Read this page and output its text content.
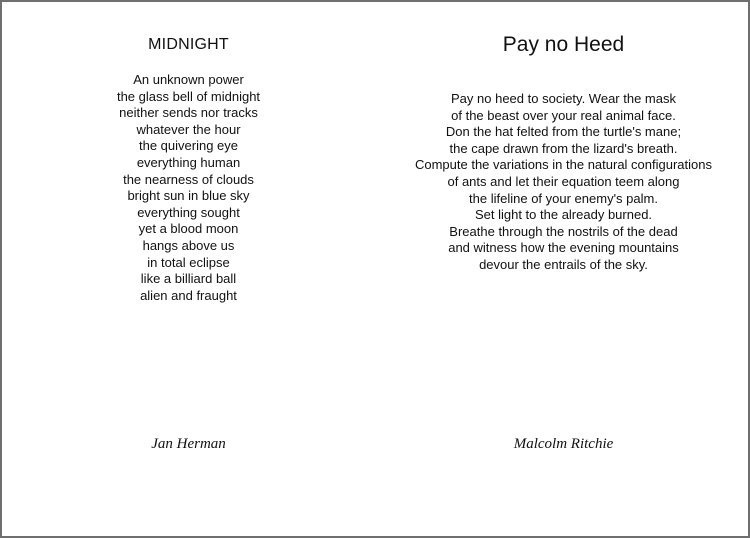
MIDNIGHT
An unknown power
the glass bell of midnight
neither sends nor tracks
whatever the hour
the quivering eye
everything human
the nearness of clouds
bright sun in blue sky
everything sought
yet a blood moon
hangs above us
in total eclipse
like a billiard ball
alien and fraught

Jan Herman

Pay no Heed
Pay no heed to society. Wear the mask
of the beast over your real animal face.
Don the hat felted from the turtle's mane;
the cape drawn from the lizard's breath.
Compute the variations in the natural configurations
of ants and let their equation teem along
the lifeline of your enemy's palm.
Set light to the already burned.
Breathe through the nostrils of the dead
and witness how the evening mountains
devour the entrails of the sky.

Malcolm Ritchie
